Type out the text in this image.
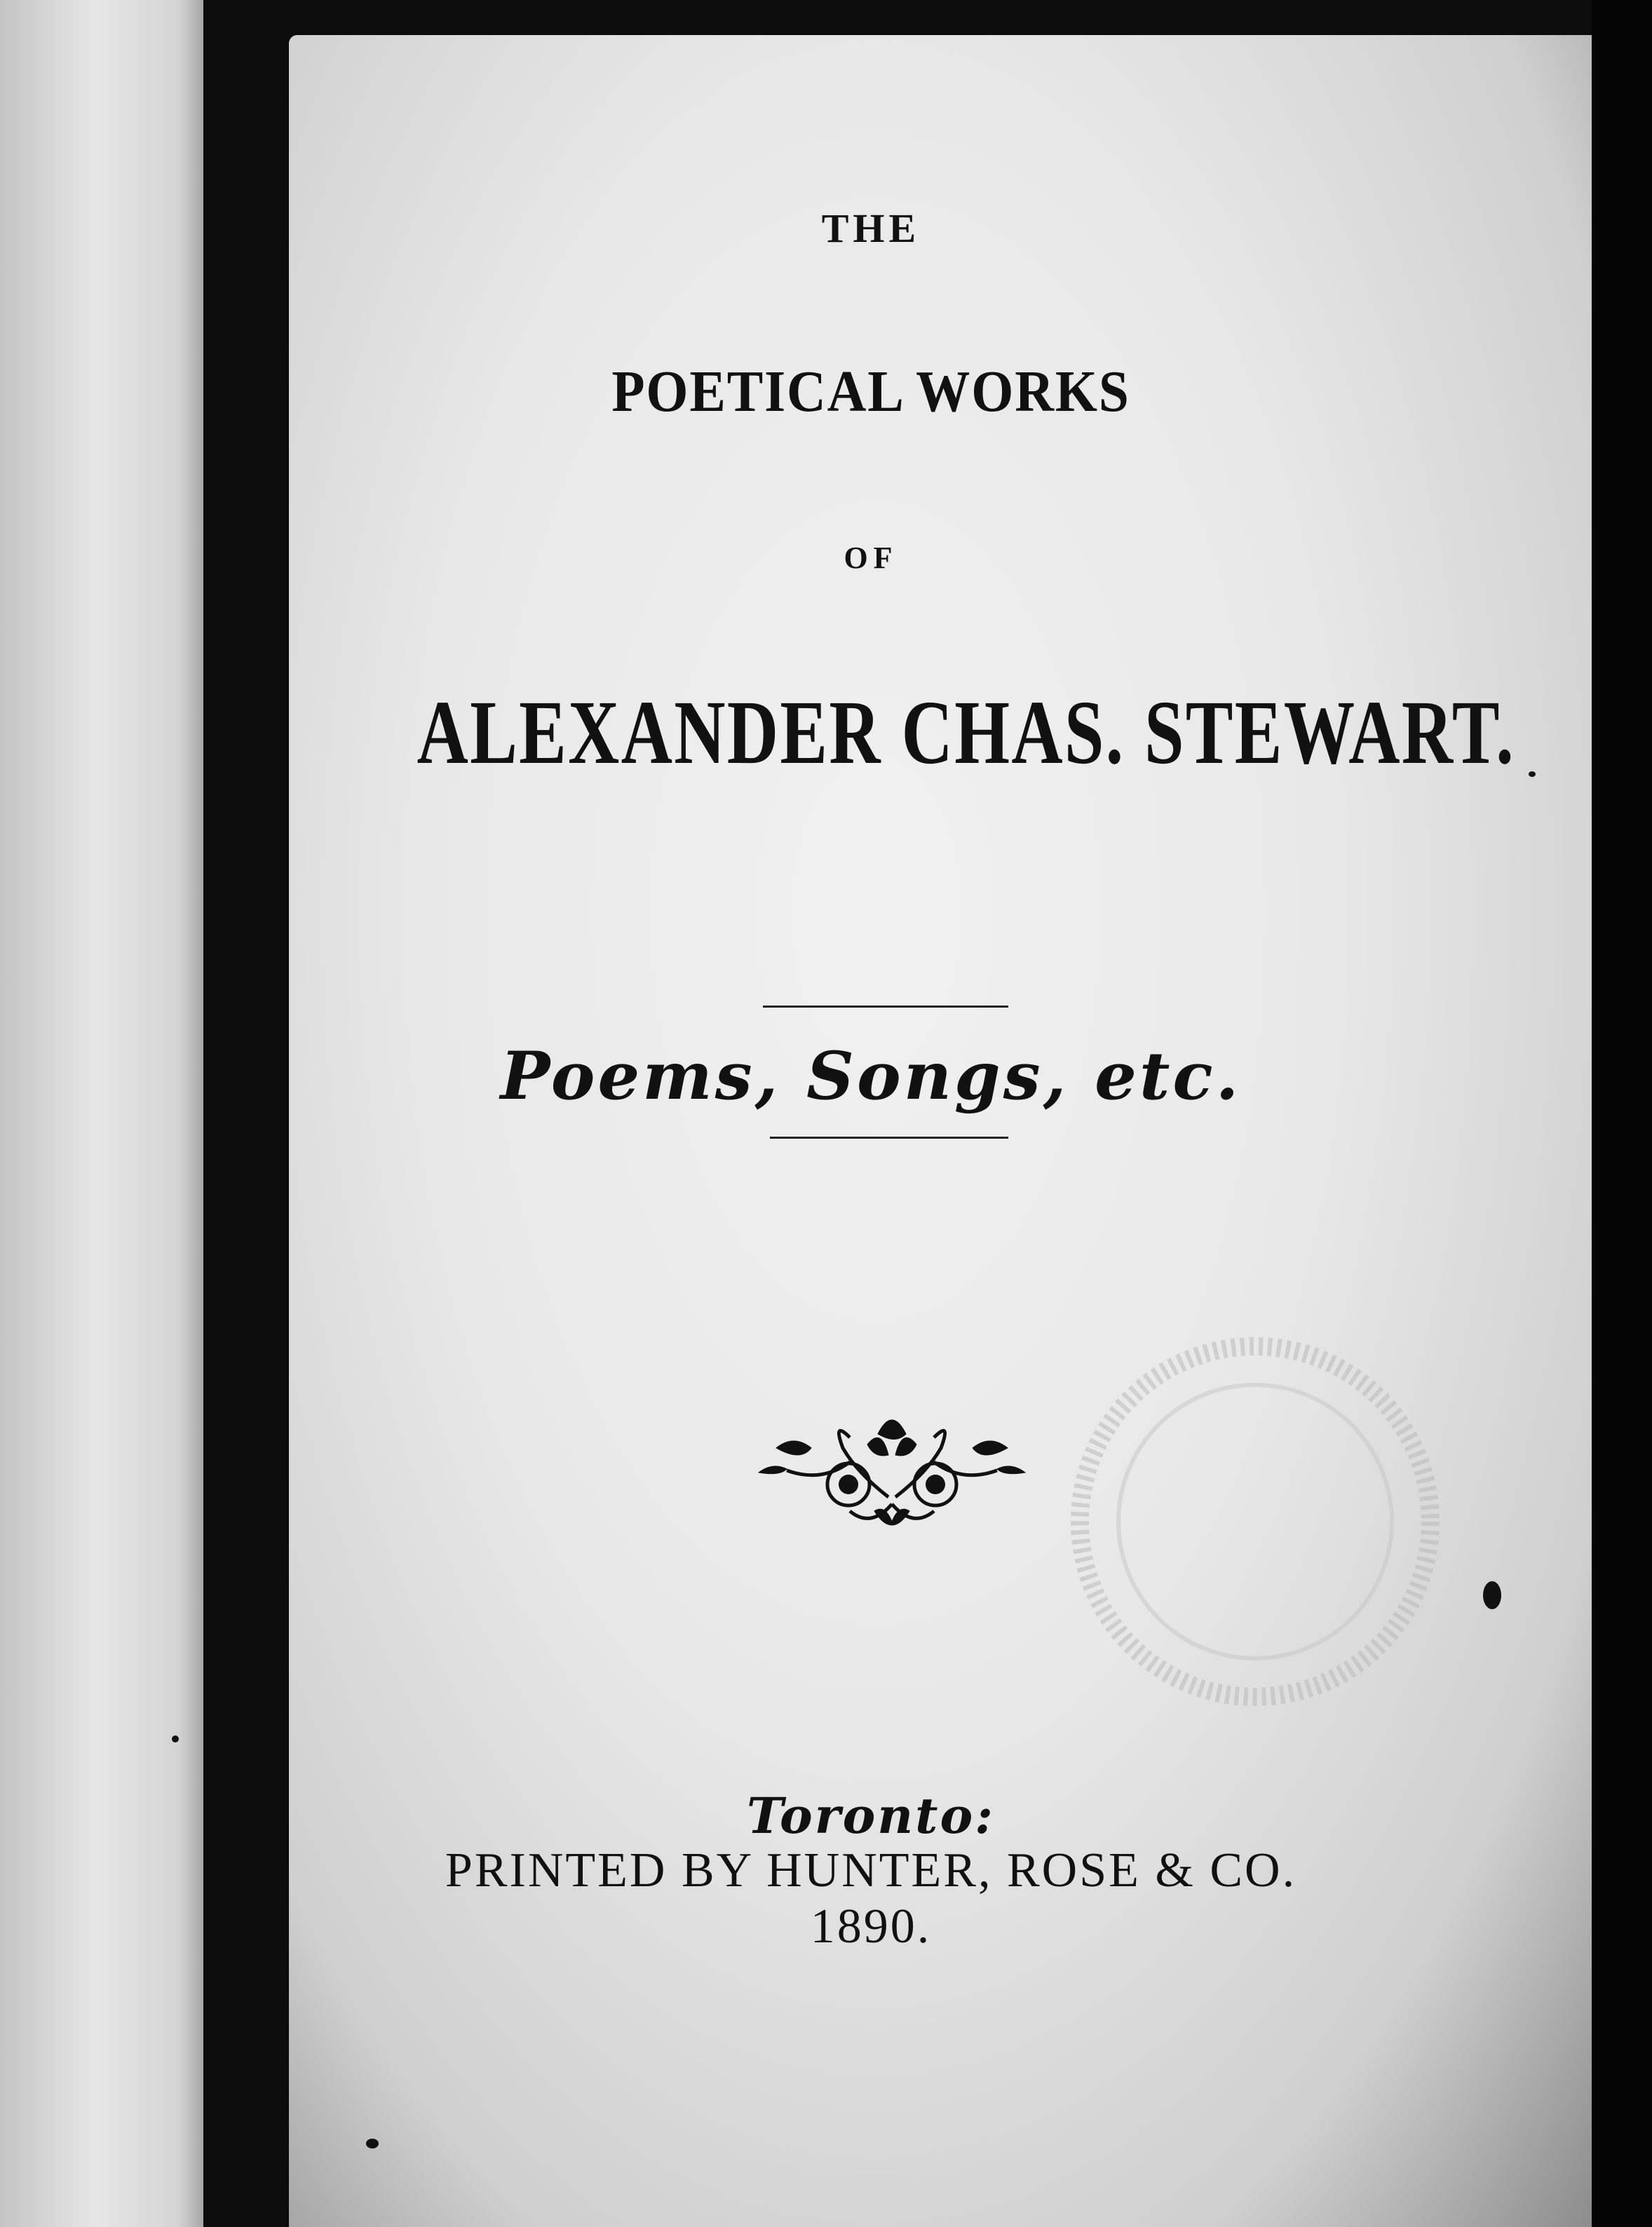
THE
POETICAL WORKS

OF

ALEXANDER CHAS. STEWART.

Poems, Songs, etc.

Toronto:

PRINTED BY HUNTER, ROSE & CO.

1890.
